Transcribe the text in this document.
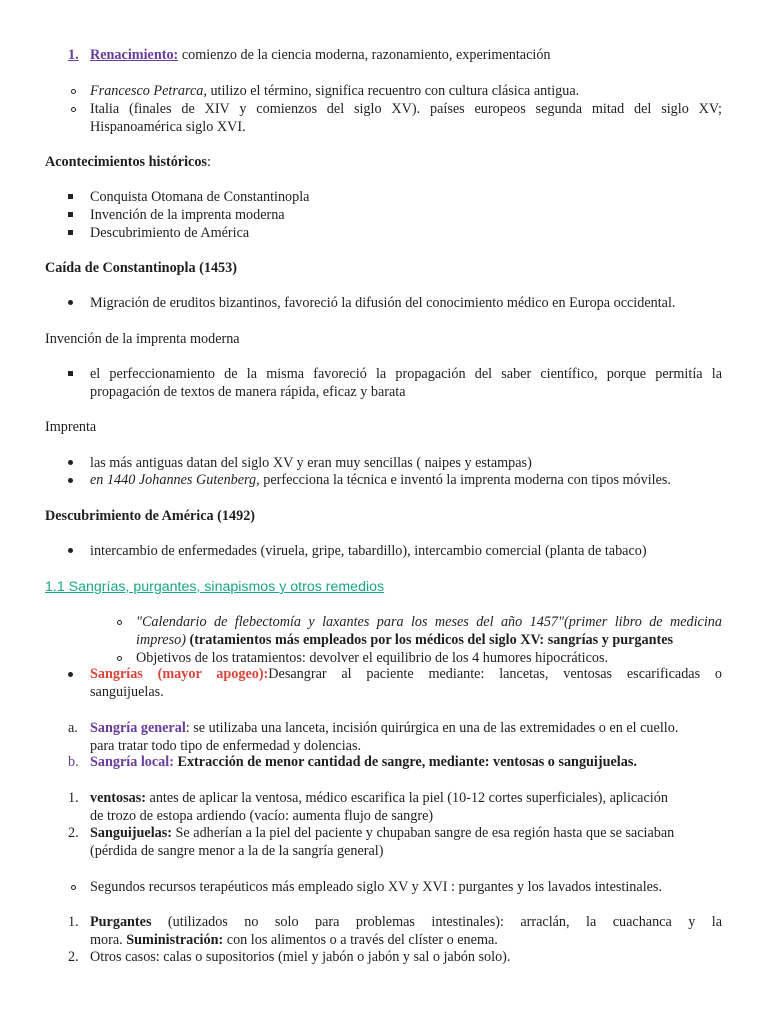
1. Renacimiento: comienzo de la ciencia moderna, razonamiento, experimentación
Francesco Petrarca, utilizo el término, significa recuentro con cultura clásica antigua.
Italia (finales de XIV y comienzos del siglo XV). países europeos segunda mitad del siglo XV;
Hispanoamérica siglo XVI.
Acontecimientos históricos:
Conquista Otomana de Constantinopla
Invención de la imprenta moderna
Descubrimiento de América
Caída de Constantinopla (1453)
Migración de eruditos bizantinos, favoreció la difusión del conocimiento médico en Europa occidental.
Invención de la imprenta moderna
el perfeccionamiento de la misma favoreció la propagación del saber científico, porque permitía la
propagación de textos de manera rápida, eficaz y barata
Imprenta
las más antiguas datan del siglo XV y eran muy sencillas ( naipes y estampas)
en 1440 Johannes Gutenberg, perfecciona la técnica e inventó la imprenta moderna con tipos móviles.
Descubrimiento de América (1492)
intercambio de enfermedades (viruela, gripe, tabardillo), intercambio comercial (planta de tabaco)
1.1 Sangrías, purgantes, sinapismos y otros remedios
"Calendario de flebectomía y laxantes para los meses del año 1457"(primer libro de medicina
impreso) (tratamientos más empleados por los médicos del siglo XV: sangrías y purgantes
Objetivos de los tratamientos: devolver el equilibrio de los 4 humores hipocráticos.
Sangrías (mayor apogeo):Desangrar al paciente mediante: lancetas, ventosas escarificadas o
sanguijuelas.
a. Sangría general: se utilizaba una lanceta, incisión quirúrgica en una de las extremidades o en el cuello.
para tratar todo tipo de enfermedad y dolencias.
b. Sangría local: Extracción de menor cantidad de sangre, mediante: ventosas o sanguijuelas.
1. ventosas: antes de aplicar la ventosa, médico escarifica la piel (10-12 cortes superficiales), aplicación
de trozo de estopa ardiendo (vacío: aumenta flujo de sangre)
2. Sanguijuelas: Se adherían a la piel del paciente y chupaban sangre de esa región hasta que se saciaban
(pérdida de sangre menor a la de la sangría general)
Segundos recursos terapéuticos más empleado siglo XV y XVI : purgantes y los lavados intestinales.
1. Purgantes (utilizados no solo para problemas intestinales): arraclán, la cuachanca y la
mora. Suministración: con los alimentos o a través del clíster o enema.
2. Otros casos: calas o supositorios (miel y jabón o jabón y sal o jabón solo).
